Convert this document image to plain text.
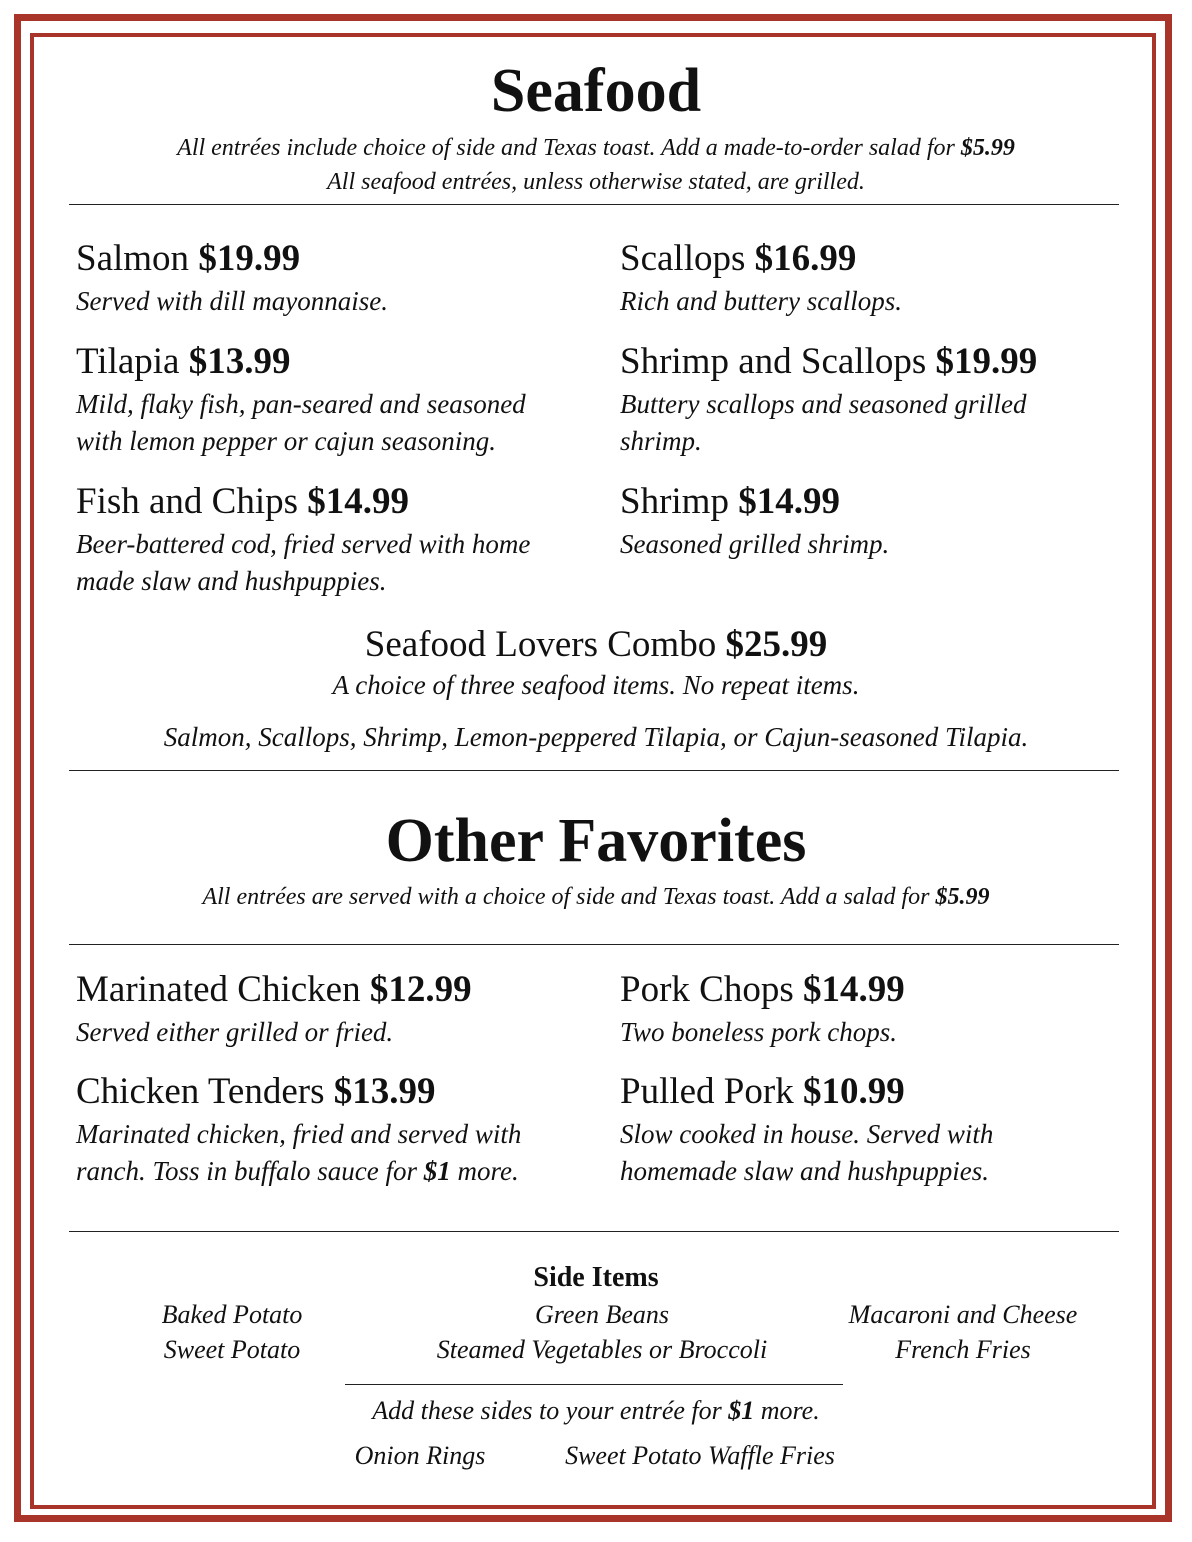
Seafood
All entrées include choice of side and Texas toast. Add a made-to-order salad for $5.99
All seafood entrées, unless otherwise stated, are grilled.
Salmon $19.99
Served with dill mayonnaise.
Tilapia $13.99
Mild, flaky fish, pan-seared and seasoned
with lemon pepper or cajun seasoning.
Fish and Chips $14.99
Beer-battered cod, fried served with home
made slaw and hushpuppies.
Scallops $16.99
Rich and buttery scallops.
Shrimp and Scallops $19.99
Buttery scallops and seasoned grilled
shrimp.
Shrimp $14.99
Seasoned grilled shrimp.
Seafood Lovers Combo $25.99
A choice of three seafood items. No repeat items.
Salmon, Scallops, Shrimp, Lemon-peppered Tilapia, or Cajun-seasoned Tilapia.
Other Favorites
All entrées are served with a choice of side and Texas toast. Add a salad for $5.99
Marinated Chicken $12.99
Served either grilled or fried.
Chicken Tenders $13.99
Marinated chicken, fried and served with
ranch. Toss in buffalo sauce for $1 more.
Pork Chops $14.99
Two boneless pork chops.
Pulled Pork $10.99
Slow cooked in house. Served with
homemade slaw and hushpuppies.
Side Items
Baked Potato
Sweet Potato
Green Beans
Steamed Vegetables or Broccoli
Macaroni and Cheese
French Fries
Add these sides to your entrée for $1 more.
Onion Rings	Sweet Potato Waffle Fries
